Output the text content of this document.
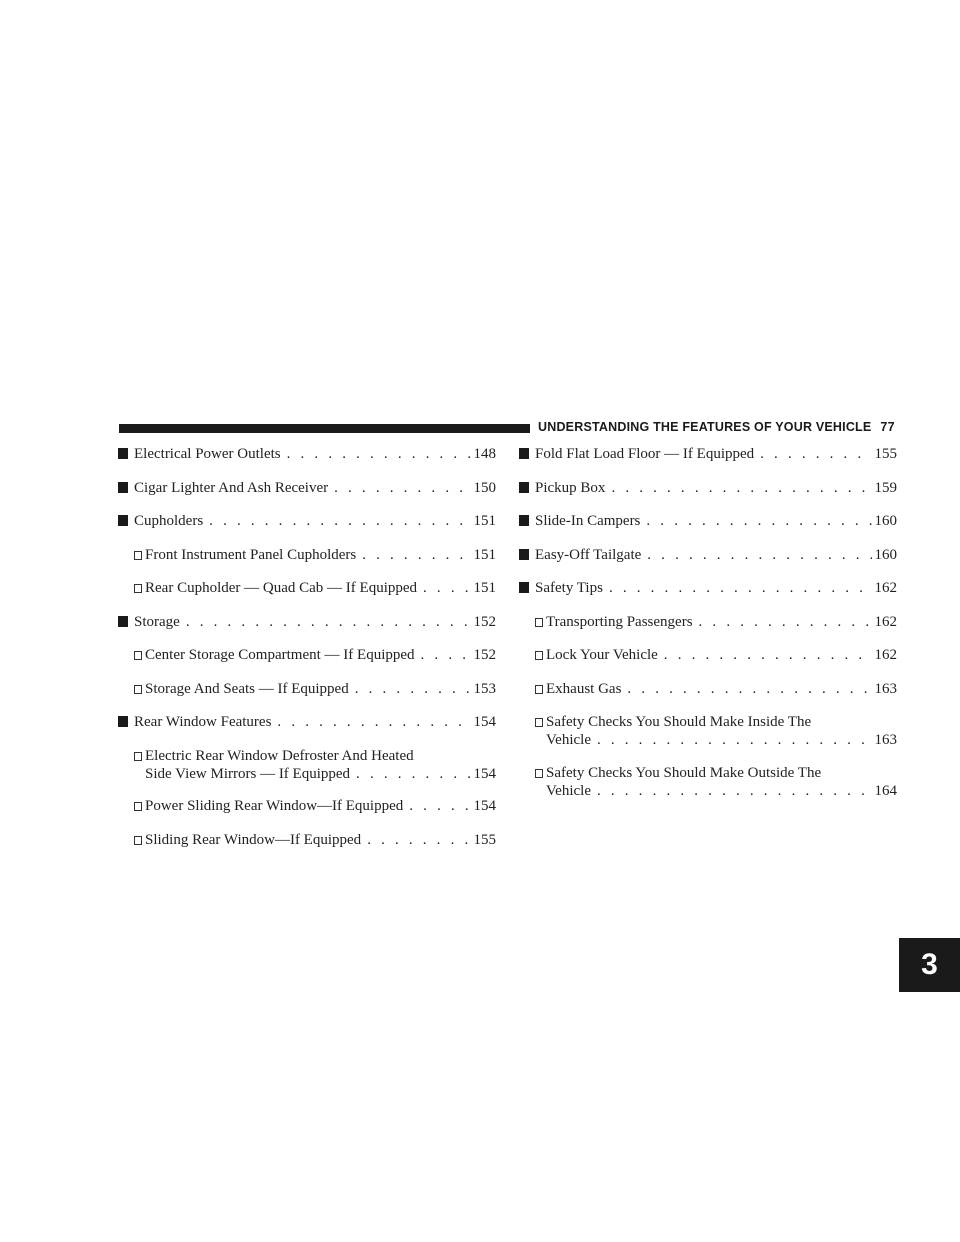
UNDERSTANDING THE FEATURES OF YOUR VEHICLE 77
3
Electrical Power Outlets . . .	148
Cigar Lighter And Ash Receiver . . .	150
Cupholders . . .	151
Front Instrument Panel Cupholders . . .	151
Rear Cupholder — Quad Cab — If Equipped . . .	151
Storage . . .	152
Center Storage Compartment — If Equipped . . .	152
Storage And Seats — If Equipped . . .	153
Rear Window Features . . .	154
Electric Rear Window Defroster And Heated
Side View Mirrors — If Equipped . . .	154
Power Sliding Rear Window—If Equipped . . .	154
Sliding Rear Window—If Equipped . . .	155
Fold Flat Load Floor — If Equipped . . .	155
Pickup Box . . .	159
Slide-In Campers . . .	160
Easy-Off Tailgate . . .	160
Safety Tips . . .	162
Transporting Passengers . . .	162
Lock Your Vehicle . . .	162
Exhaust Gas . . .	163
Safety Checks You Should Make Inside The
Vehicle . . .	163
Safety Checks You Should Make Outside The
Vehicle . . .	164
